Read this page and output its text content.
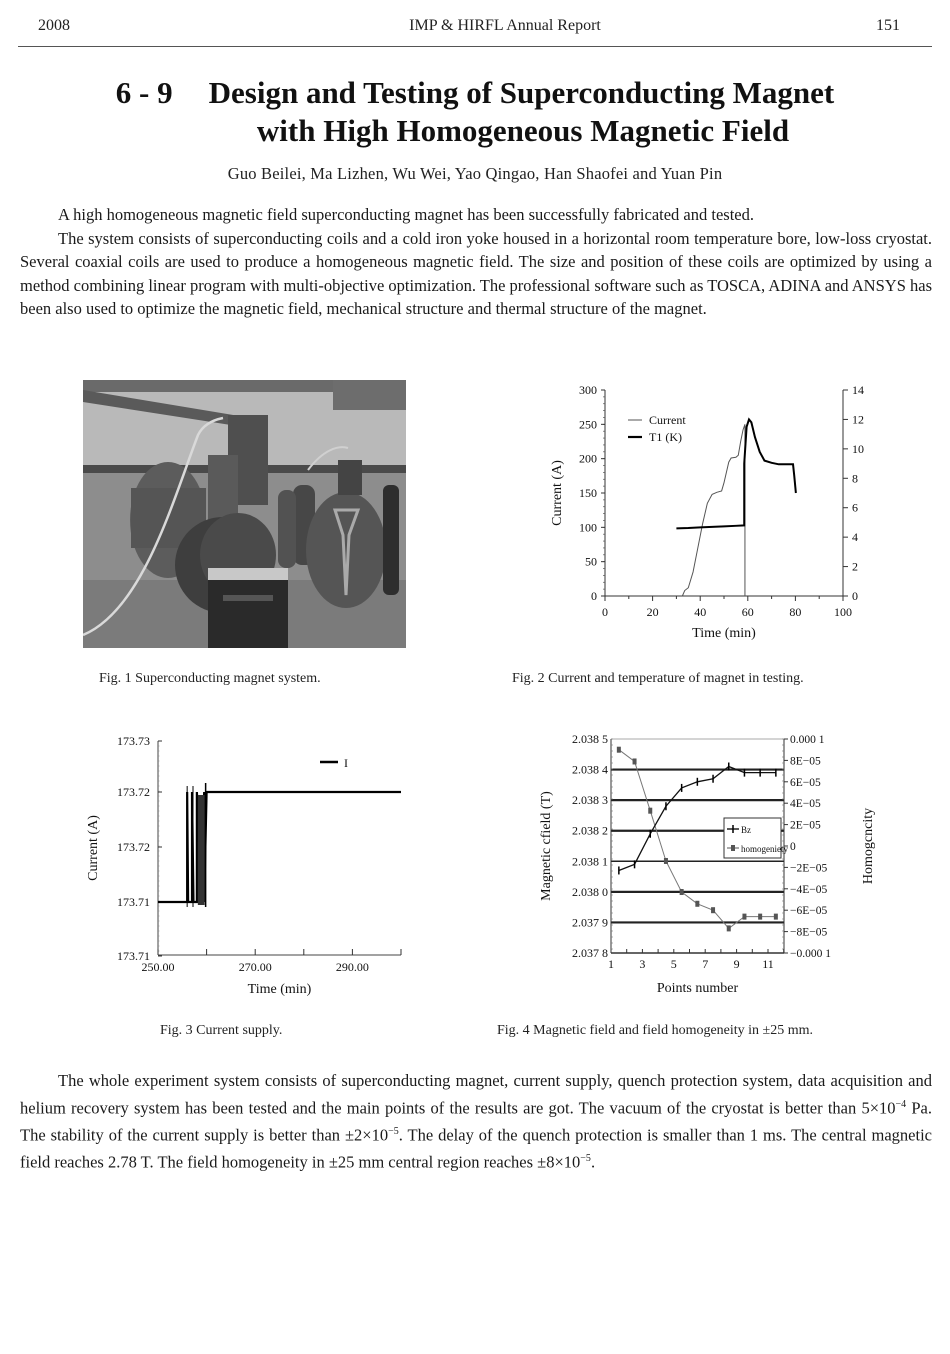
2008	IMP & HIRFL Annual Report	151
6 - 9 Design and Testing of Superconducting Magnet
with High Homogeneous Magnetic Field
Guo Beilei, Ma Lizhen, Wu Wei, Yao Qingao, Han Shaofei and Yuan Pin

A high homogeneous magnetic field superconducting magnet has been successfully fabricated and tested.

The system consists of superconducting coils and a cold iron yoke housed in a horizontal room temperature bore, low-loss cryostat. Several coaxial coils are used to produce a homogeneous magnetic field. The size and position of these coils are optimized by using a method combining linear program with multi-objective optimization. The professional software such as TOSCA, ADINA and ANSYS has been also used to optimize the magnetic field, mechanical structure and thermal structure of the magnet.

Fig. 1 Superconducting magnet system.
0
50
100
150
200
250
300
0
2
4
6
8
10
12
14
0	20	40	60	80	100
Time (min)
Current (A)
Current
T1 (K)
Fig. 2 Current and temperature of magnet in testing.
173.71
173.71
173.72
173.72
173.73
250.00	270.00	290.00
Time (min)
Current (A)
I
Fig. 3 Current supply.
2.037 8
2.037 9
2.038 0
2.038 1
2.038 2
2.038 3
2.038 4
2.038 5
−0.000 1
−8E−05
−6E−05
−4E−05
−2E−05
0
2E−05
4E−05
6E−05
8E−05
0.000 1
1 3 5 7 9 11
Points number
Magnetic cfield (T)	Homogcncity
Bz
homogeniety
Fig. 4 Magnetic field and field homogeneity in ±25 mm.

The whole experiment system consists of superconducting magnet, current supply, quench protection system, data acquisition and helium recovery system has been tested and the main points of the results are got. The vacuum of the cryostat is better than $5\times 10^{-4}$ Pa. The stability of the current supply is better than $\pm 2\times 10^{-5}$. The delay of the quench protection is smaller than 1 ms. The central magnetic field reaches 2.78 T. The field homogeneity in ±25 mm central region reaches $\pm 8\times 10^{-5}$.
